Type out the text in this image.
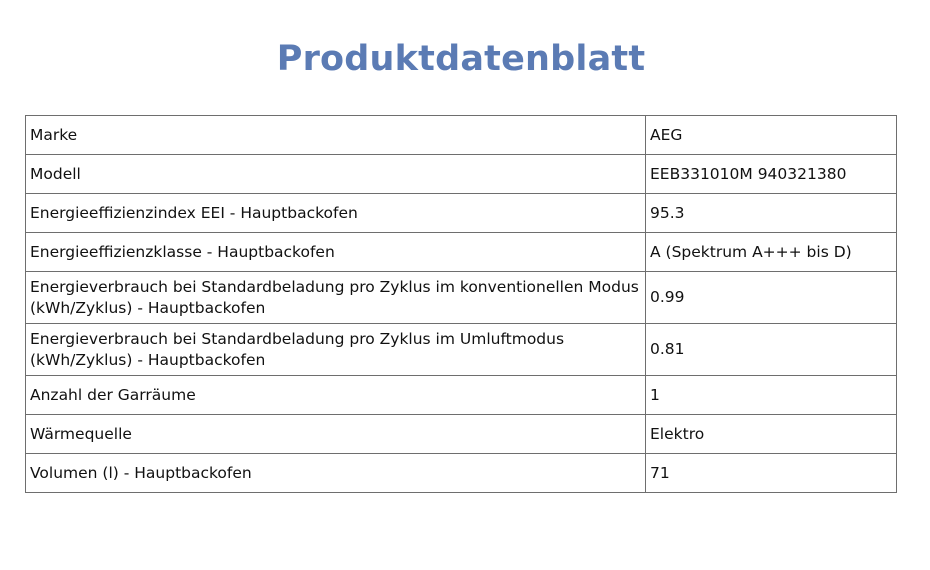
Produktdatenblatt
Marke	AEG
Modell	EEB331010M 940321380
Energieeffizienzindex EEI - Hauptbackofen	95.3
Energieeffizienzklasse - Hauptbackofen	A (Spektrum A+++ bis D)
Energieverbrauch bei Standardbeladung pro Zyklus im konventionellen Modus (kWh/Zyklus) - Hauptbackofen	0.99
Energieverbrauch bei Standardbeladung pro Zyklus im Umluftmodus (kWh/Zyklus) - Hauptbackofen	0.81
Anzahl der Garräume	1
Wärmequelle	Elektro
Volumen (l) - Hauptbackofen	71
